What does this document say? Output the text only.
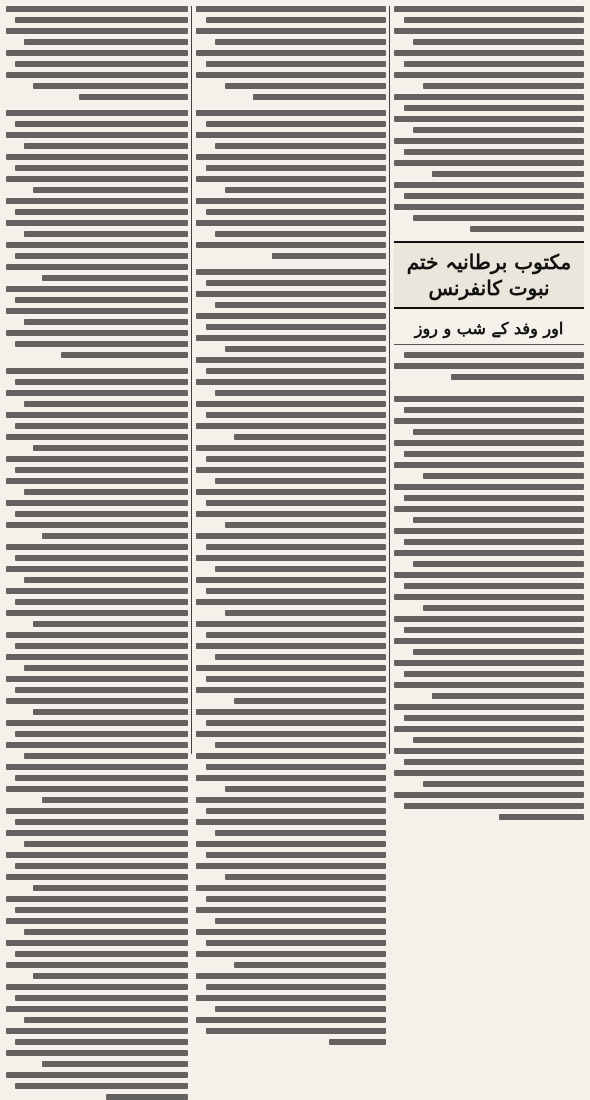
مکتوب برطانیہ ختم نبوت کانفرنس

اور وفد کے شب و روز
